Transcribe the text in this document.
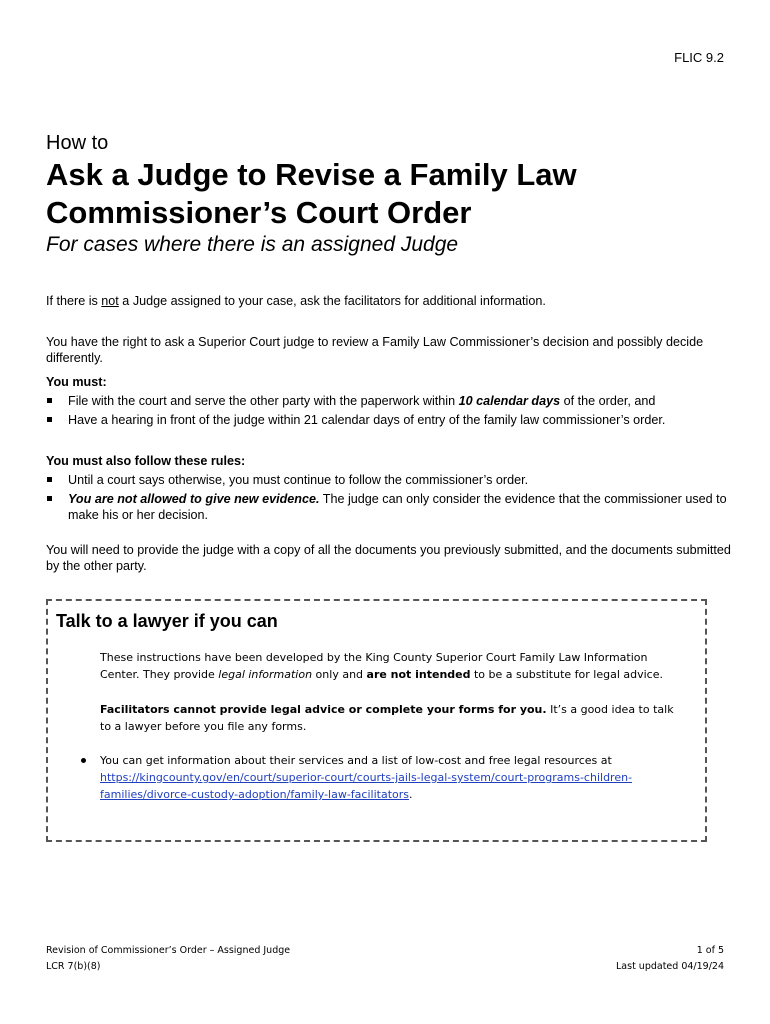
FLIC 9.2
How to
Ask a Judge to Revise a Family Law Commissioner’s Court Order
For cases where there is an assigned Judge
If there is not a Judge assigned to your case, ask the facilitators for additional information.
You have the right to ask a Superior Court judge to review a Family Law Commissioner’s decision and possibly decide differently.
You must:
File with the court and serve the other party with the paperwork within 10 calendar days of the order, and
Have a hearing in front of the judge within 21 calendar days of entry of the family law commissioner’s order.
You must also follow these rules:
Until a court says otherwise, you must continue to follow the commissioner’s order.
You are not allowed to give new evidence. The judge can only consider the evidence that the commissioner used to make his or her decision.
You will need to provide the judge with a copy of all the documents you previously submitted, and the documents submitted by the other party.
Talk to a lawyer if you can
These instructions have been developed by the King County Superior Court Family Law Information Center. They provide legal information only and are not intended to be a substitute for legal advice.
Facilitators cannot provide legal advice or complete your forms for you. It’s a good idea to talk to a lawyer before you file any forms.
You can get information about their services and a list of low-cost and free legal resources at https://kingcounty.gov/en/court/superior-court/courts-jails-legal-system/court-programs-children-families/divorce-custody-adoption/family-law-facilitators.
Revision of Commissioner’s Order – Assigned Judge
LCR 7(b)(8)
1 of 5
Last updated 04/19/24
